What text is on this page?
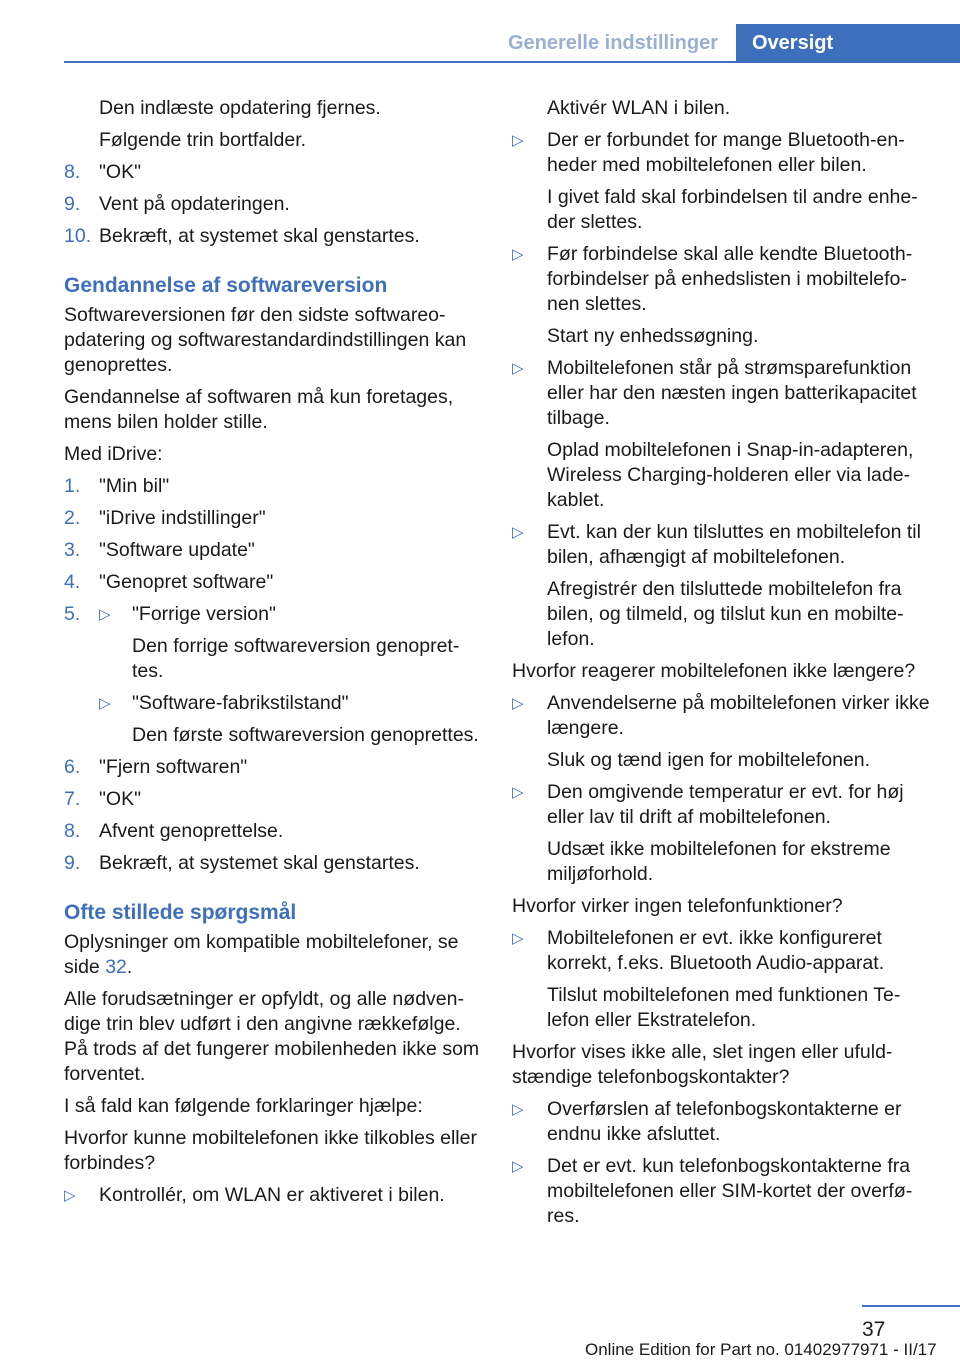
Generelle indstillinger	Oversigt

Den indlæste opdatering fjernes.

Følgende trin bortfalder.

8. "OK"
9. Vent på opdateringen.
10. Bekræft, at systemet skal genstartes.
Gendannelse af softwareversion

Softwareversionen før den sidste softwareopdatering og softwarestandardindstillingen kan genoprettes.

Gendannelse af softwaren må kun foretages, mens bilen holder stille.

Med iDrive:

1. "Min bil"
2. "iDrive indstillinger"
3. "Software update"
4. "Genopret software"
5. ▷ "Forrige version"
Den forrige softwareversion genoprettes.
▷ "Software-fabrikstilstand"
Den første softwareversion genoprettes.
6. "Fjern softwaren"
7. "OK"
8. Afvent genoprettelse.
9. Bekræft, at systemet skal genstartes.
Ofte stillede spørgsmål

Oplysninger om kompatible mobiltelefoner, se side 32.

Alle forudsætninger er opfyldt, og alle nødvendige trin blev udført i den angivne rækkefølge. På trods af det fungerer mobilenheden ikke som forventet.

I så fald kan følgende forklaringer hjælpe:

Hvorfor kunne mobiltelefonen ikke tilkobles eller forbindes?

▷ Kontrollér, om WLAN er aktiveret i bilen.

Aktivér WLAN i bilen.

▷ Der er forbundet for mange Bluetooth-enheder med mobiltelefonen eller bilen.

I givet fald skal forbindelsen til andre enheder slettes.

▷ Før forbindelse skal alle kendte Bluetooth-forbindelser på enhedslisten i mobiltelefonen slettes.

Start ny enhedssøgning.

▷ Mobiltelefonen står på strømsparefunktion eller har den næsten ingen batterikapacitet tilbage.

Oplad mobiltelefonen i Snap-in-adapteren, Wireless Charging-holderen eller via ladekablet.

▷ Evt. kan der kun tilsluttes en mobiltelefon til bilen, afhængigt af mobiltelefonen.

Afregistrér den tilsluttede mobiltelefon fra bilen, og tilmeld, og tilslut kun en mobiltelefon.

Hvorfor reagerer mobiltelefonen ikke længere?

▷ Anvendelserne på mobiltelefonen virker ikke længere.

Sluk og tænd igen for mobiltelefonen.

▷ Den omgivende temperatur er evt. for høj eller lav til drift af mobiltelefonen.

Udsæt ikke mobiltelefonen for ekstreme miljøforhold.

Hvorfor virker ingen telefonfunktioner?

▷ Mobiltelefonen er evt. ikke konfigureret korrekt, f.eks. Bluetooth Audio-apparat.

Tilslut mobiltelefonen med funktionen Telefon eller Ekstratelefon.

Hvorfor vises ikke alle, slet ingen eller ufuldstændige telefonbogskontakter?

▷ Overførslen af telefonbogskontakterne er endnu ikke afsluttet.
▷ Det er evt. kun telefonbogskontakterne fra mobiltelefonen eller SIM-kortet der overføres.
37
Online Edition for Part no. 01402977971 - II/17
